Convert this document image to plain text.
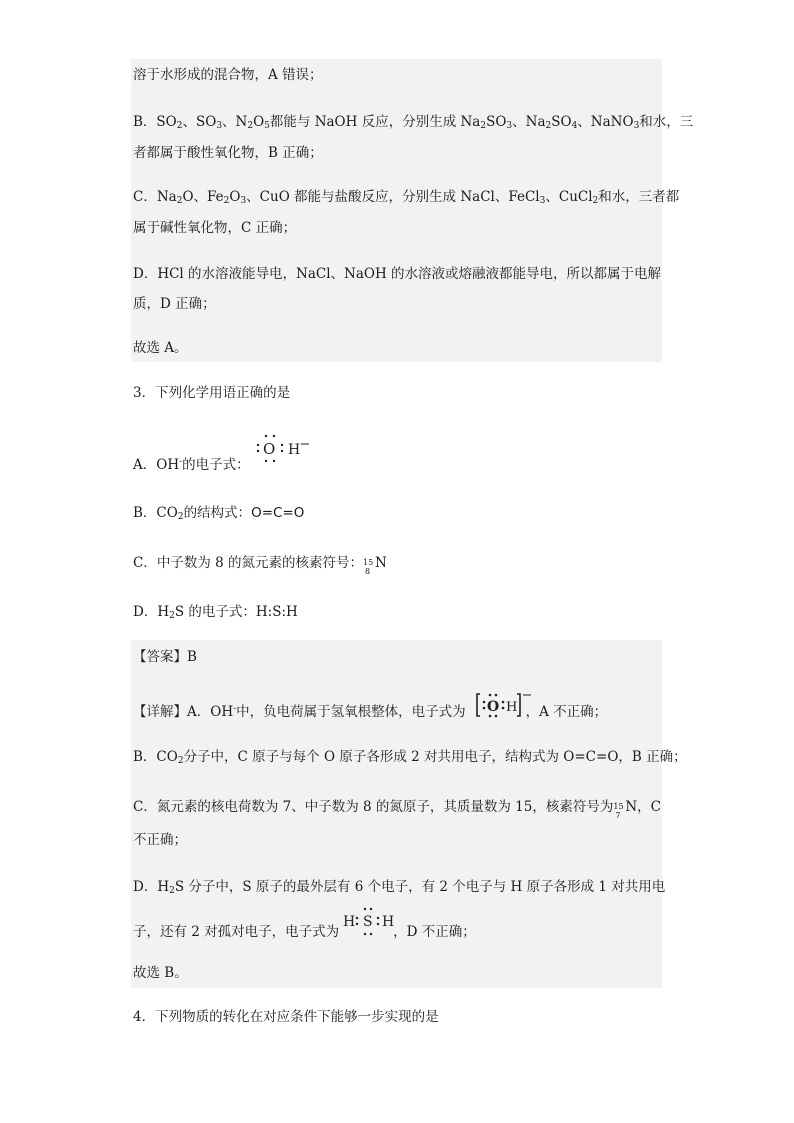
溶于水形成的混合物，A 错误；
B．$SO_2$、$SO_3$、$N_2O_5$都能与 NaOH 反应，分别生成 $Na_2SO_3$、$Na_2SO_4$、NaNO$_3$和水，三
者都属于酸性氧化物，B 正确；
C．$Na_2O$、$Fe_2O_3$、CuO 都能与盐酸反应，分别生成 NaCl、FeCl$_3$、CuCl$_2$和水，三者都
属于碱性氧化物，C 正确；
D．HCl 的水溶液能导电，NaCl、NaOH 的水溶液或熔融液都能导电，所以都属于电解
质，D 正确；
故选 A。
3．下列化学用语正确的是
A．OH-的电子式：
O H
B．$CO_2$的结构式：O=C=O
C．中子数为 8 的氮元素的核素符号： 15
8 N
D．$H_2S$ 的电子式：H:S:H
【答案】B
【详解】A．OH-中，负电荷属于氢氧根整体，电子式为	，A 不正确；
O H
B．$CO_2$分子中，C 原子与每个 O 原子各形成 2 对共用电子，结构式为 O=C=O，B 正确；
C．氮元素的核电荷数为 7、中子数为 8 的氮原子，其质量数为 15，核素符号为 15
7 N，C
不正确；
D．$H_2S$ 分子中，S 原子的最外层有 6 个电子，有 2 个电子与 H 原子各形成 1 对共用电
子，还有 2 对孤对电子，电子式为	，D 不正确；
H S H
故选 B。
4．下列物质的转化在对应条件下能够一步实现的是
